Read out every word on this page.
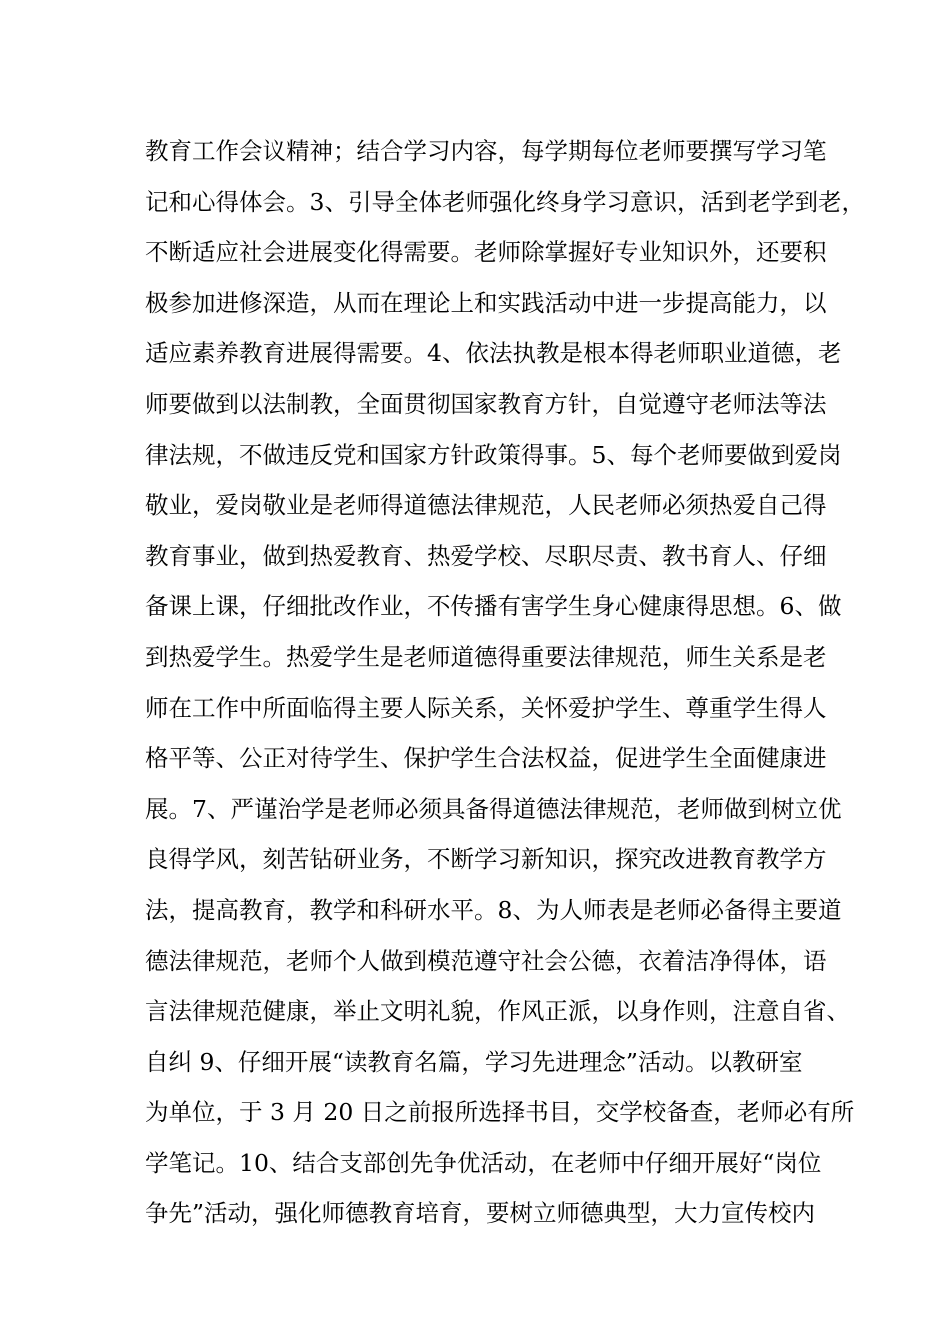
教育工作会议精神；结合学习内容，每学期每位老师要撰写学习笔
记和心得体会。3、引导全体老师强化终身学习意识，活到老学到老，
不断适应社会进展变化得需要。老师除掌握好专业知识外，还要积
极参加进修深造，从而在理论上和实践活动中进一步提高能力，以
适应素养教育进展得需要。4、依法执教是根本得老师职业道德，老
师要做到以法制教，全面贯彻国家教育方针，自觉遵守老师法等法
律法规，不做违反党和国家方针政策得事。5、每个老师要做到爱岗
敬业，爱岗敬业是老师得道德法律规范，人民老师必须热爱自己得
教育事业，做到热爱教育、热爱学校、尽职尽责、教书育人、仔细
备课上课，仔细批改作业，不传播有害学生身心健康得思想。6、做
到热爱学生。热爱学生是老师道德得重要法律规范，师生关系是老
师在工作中所面临得主要人际关系，关怀爱护学生、尊重学生得人
格平等、公正对待学生、保护学生合法权益，促进学生全面健康进
展。7、严谨治学是老师必须具备得道德法律规范，老师做到树立优
良得学风，刻苦钻研业务，不断学习新知识，探究改进教育教学方
法，提高教育，教学和科研水平。8、为人师表是老师必备得主要道
德法律规范，老师个人做到模范遵守社会公德，衣着洁净得体，语
言法律规范健康，举止文明礼貌，作风正派，以身作则，注意自省、
自纠 9、仔细开展“读教育名篇，学习先进理念”活动。以教研室
为单位，于 3 月 20 日之前报所选择书目，交学校备查，老师必有所
学笔记。10、结合支部创先争优活动，在老师中仔细开展好“岗位
争先”活动，强化师德教育培育，要树立师德典型，大力宣传校内
